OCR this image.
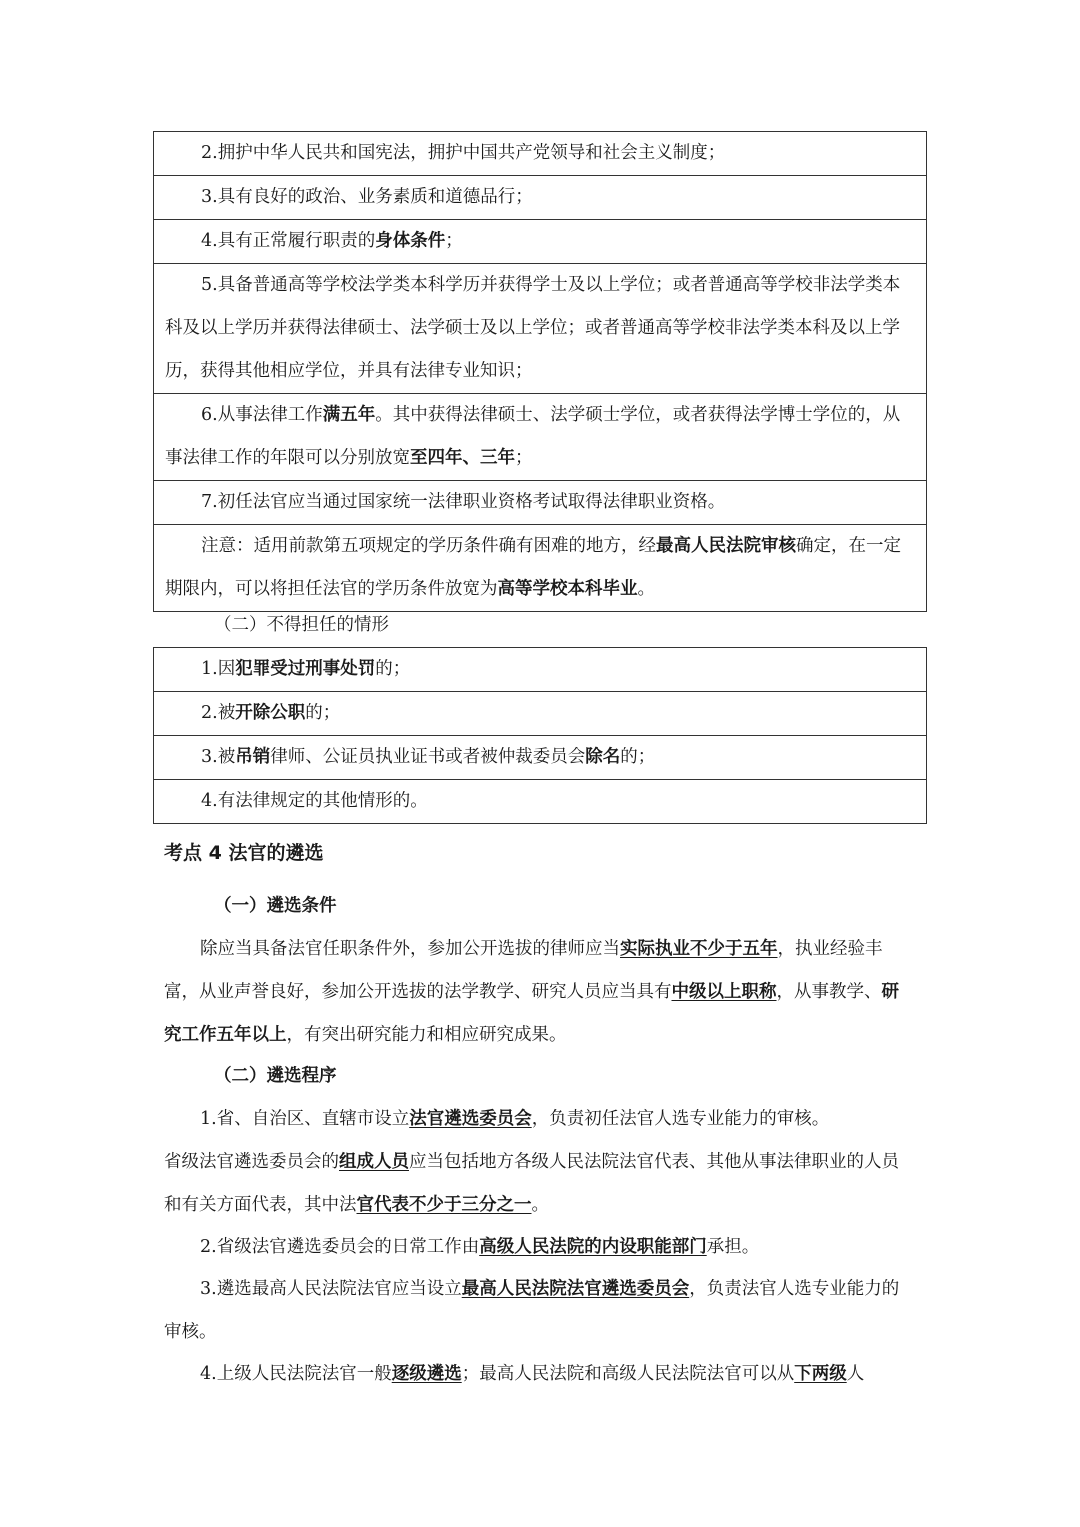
2.拥护中华人民共和国宪法，拥护中国共产党领导和社会主义制度；
3.具有良好的政治、业务素质和道德品行；
4.具有正常履行职责的身体条件；
5.具备普通高等学校法学类本科学历并获得学士及以上学位；或者普通高等学校非法学类本科及以上学历并获得法律硕士、法学硕士及以上学位；或者普通高等学校非法学类本科及以上学历，获得其他相应学位，并具有法律专业知识；
6.从事法律工作满五年。其中获得法律硕士、法学硕士学位，或者获得法学博士学位的，从事法律工作的年限可以分别放宽至四年、三年；
7.初任法官应当通过国家统一法律职业资格考试取得法律职业资格。
注意：适用前款第五项规定的学历条件确有困难的地方，经最高人民法院审核确定，在一定期限内，可以将担任法官的学历条件放宽为高等学校本科毕业。
（二）不得担任的情形
1.因犯罪受过刑事处罚的；
2.被开除公职的；
3.被吊销律师、公证员执业证书或者被仲裁委员会除名的；
4.有法律规定的其他情形的。
考点 4 法官的遴选
（一）遴选条件
除应当具备法官任职条件外，参加公开选拔的律师应当实际执业不少于五年，执业经验丰富，从业声誉良好，参加公开选拔的法学教学、研究人员应当具有中级以上职称，从事教学、研究工作五年以上，有突出研究能力和相应研究成果。
（二）遴选程序
1.省、自治区、直辖市设立法官遴选委员会，负责初任法官人选专业能力的审核。
省级法官遴选委员会的组成人员应当包括地方各级人民法院法官代表、其他从事法律职业的人员和有关方面代表，其中法官代表不少于三分之一。
2.省级法官遴选委员会的日常工作由高级人民法院的内设职能部门承担。
3.遴选最高人民法院法官应当设立最高人民法院法官遴选委员会，负责法官人选专业能力的审核。
4.上级人民法院法官一般逐级遴选；最高人民法院和高级人民法院法官可以从下两级人
